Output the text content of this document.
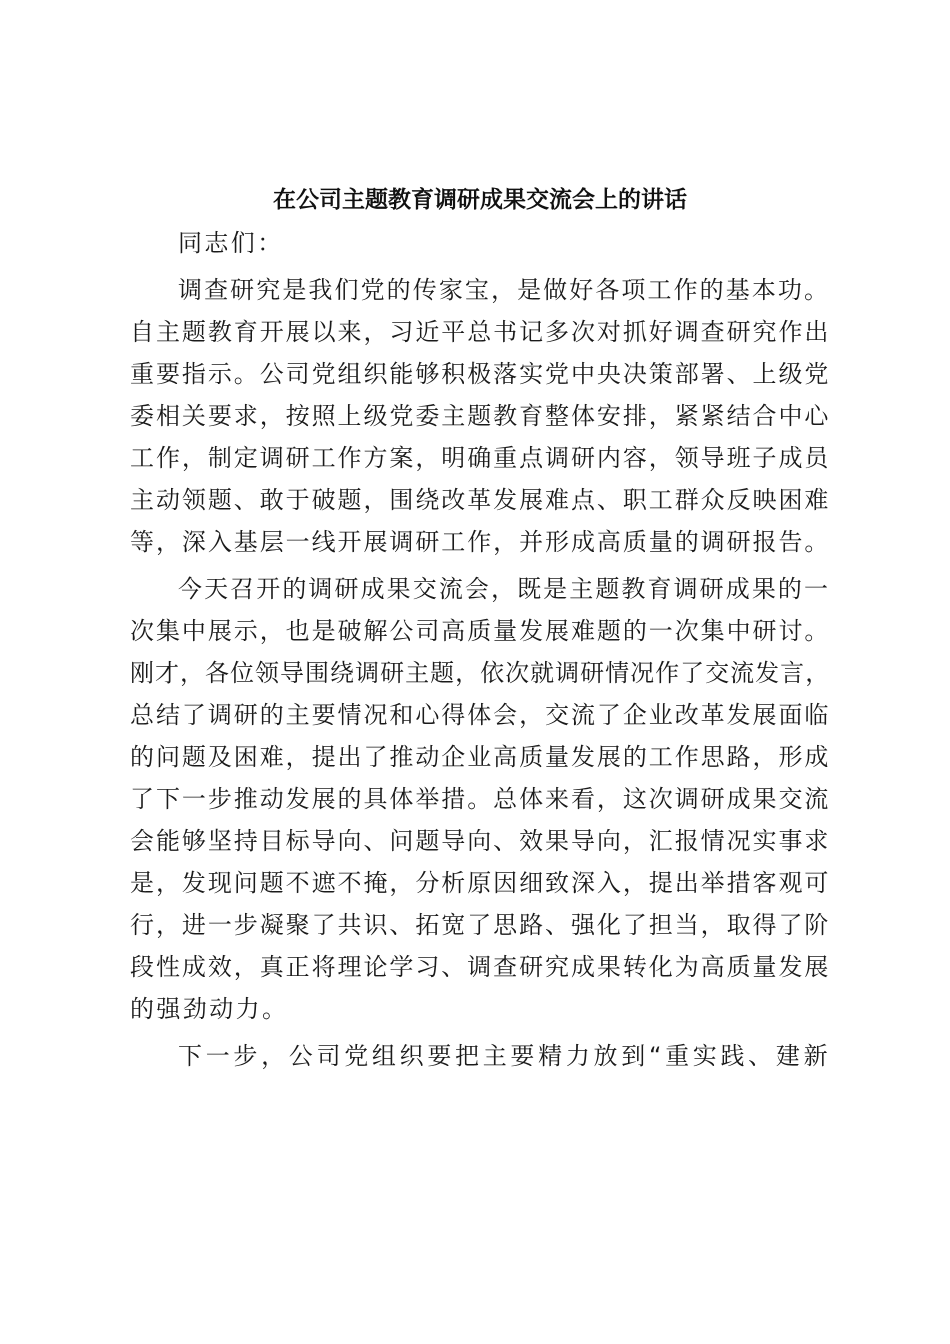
在公司主题教育调研成果交流会上的讲话
同志们：
调查研究是我们党的传家宝，是做好各项工作的基本功。
自主题教育开展以来，习近平总书记多次对抓好调查研究作出
重要指示。公司党组织能够积极落实党中央决策部署、上级党
委相关要求，按照上级党委主题教育整体安排，紧紧结合中心
工作，制定调研工作方案，明确重点调研内容，领导班子成员
主动领题、敢于破题，围绕改革发展难点、职工群众反映困难
等，深入基层一线开展调研工作，并形成高质量的调研报告。
今天召开的调研成果交流会，既是主题教育调研成果的一
次集中展示，也是破解公司高质量发展难题的一次集中研讨。
刚才，各位领导围绕调研主题，依次就调研情况作了交流发言，
总结了调研的主要情况和心得体会，交流了企业改革发展面临
的问题及困难，提出了推动企业高质量发展的工作思路，形成
了下一步推动发展的具体举措。总体来看，这次调研成果交流
会能够坚持目标导向、问题导向、效果导向，汇报情况实事求
是，发现问题不遮不掩，分析原因细致深入，提出举措客观可
行，进一步凝聚了共识、拓宽了思路、强化了担当，取得了阶
段性成效，真正将理论学习、调查研究成果转化为高质量发展
的强劲动力。
下一步，公司党组织要把主要精力放到“重实践、建新
